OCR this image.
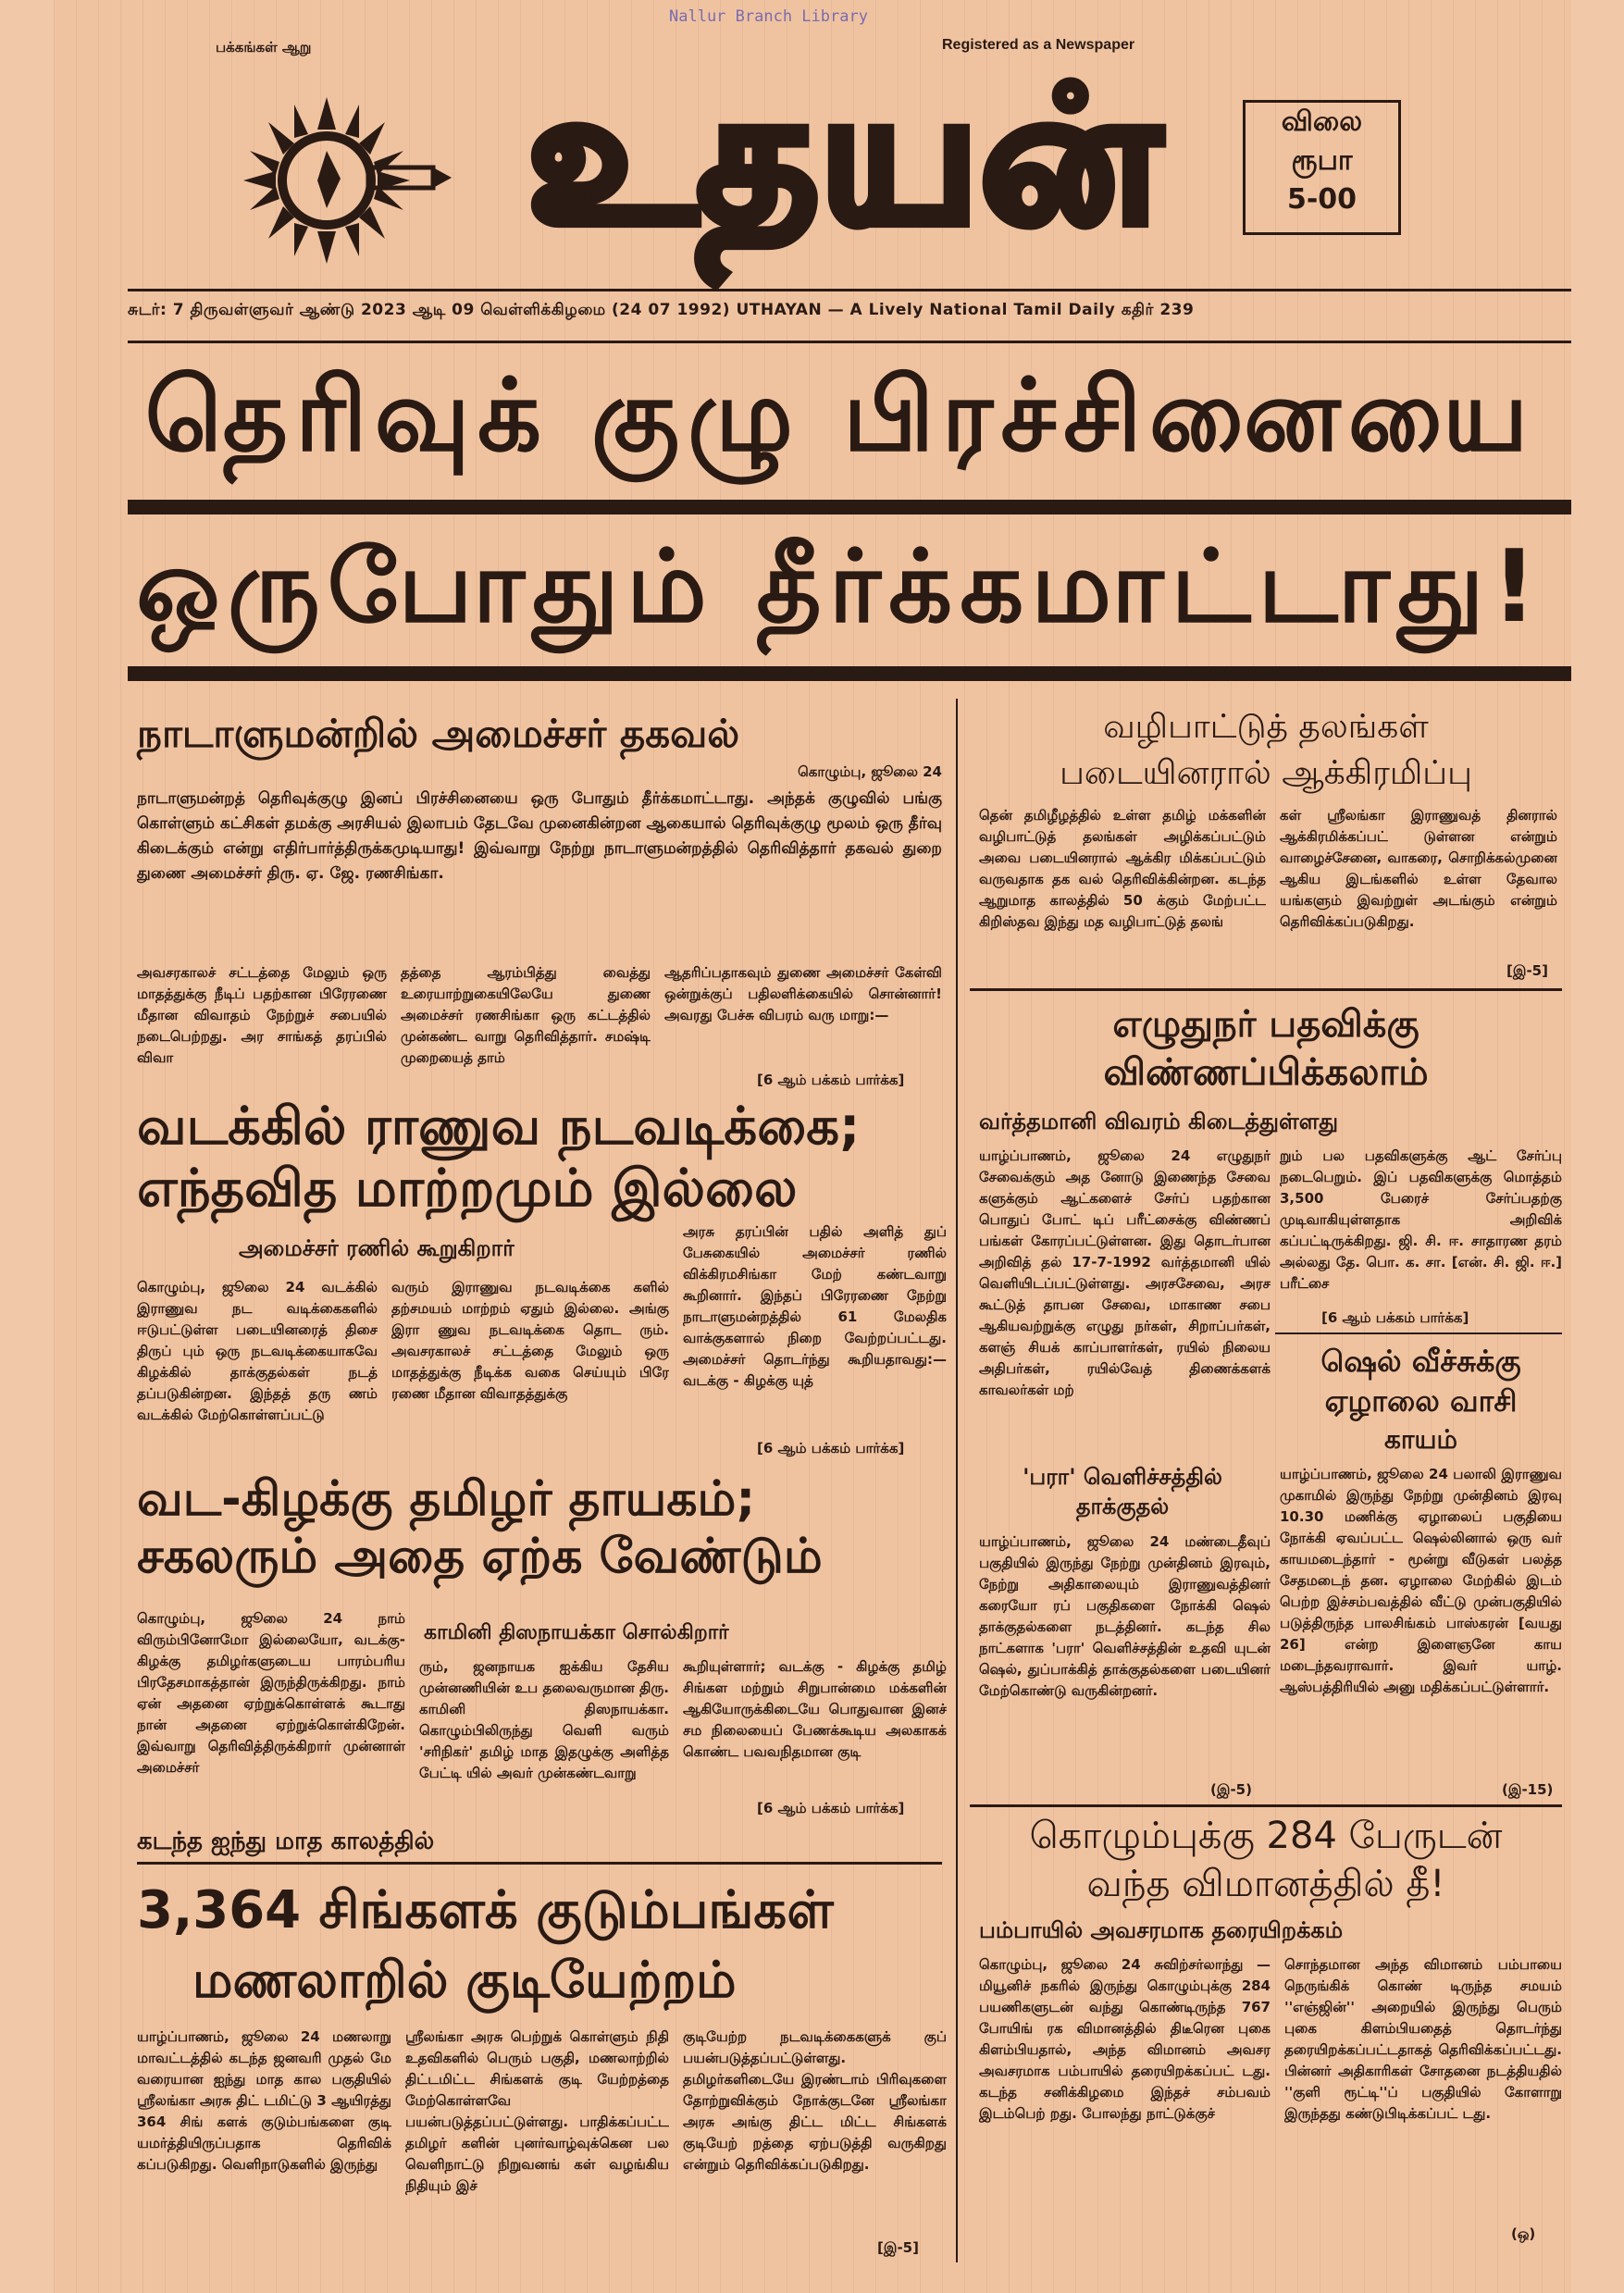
Nallur Branch Library
பக்கங்கள் ஆறு	Registered as a Newspaper
உதயன்	விலை
ரூபா
5-00
சுடர்: 7 திருவள்ளுவர் ஆண்டு 2023 ஆடி 09 வெள்ளிக்கிழமை (24 07 1992) UTHAYAN — A Lively National Tamil Daily கதிர் 239
தெரிவுக் குழு பிரச்சினையை
ஒருபோதும் தீர்க்கமாட்டாது!
நாடாளுமன்றில் அமைச்சர் தகவல்
கொழும்பு, ஜூலை 24
நாடாளுமன்றத் தெரிவுக்குழு இனப் பிரச்சினையை ஒரு போதும் தீர்க்கமாட்டாது. அந்தக் குழுவில் பங்கு கொள்ளும் கட்சிகள் தமக்கு அரசியல் இலாபம் தேடவே முனைகின்றன ஆகையால் தெரிவுக்குழு மூலம் ஒரு தீர்வு கிடைக்கும் என்று எதிர்பார்த்திருக்கமுடியாது! இவ்வாறு நேற்று நாடாளுமன்றத்தில் தெரிவித்தார் தகவல் துறை துணை அமைச்சர் திரு. ஏ. ஜே. ரணசிங்கா.
அவசரகாலச் சட்டத்தை மேலும் ஒரு மாதத்துக்கு நீடிப் பதற்கான பிரேரணை மீதான விவாதம் நேற்றுச் சபையில் நடைபெற்றது. அர சாங்கத் தரப்பில் விவா
தத்தை ஆரம்பித்து வைத்து உரையாற்றுகையிலேயே துணை அமைச்சர் ரணசிங்கா ஒரு கட்டத்தில் முன்கண்ட வாறு தெரிவித்தார். சமஷ்டி முறையைத் தாம்
ஆதரிப்பதாகவும் துணை அமைச்சர் கேள்வி ஒன்றுக்குப் பதிலளிக்கையில் சொன்னார்! அவரது பேச்சு விபரம் வரு மாறு:—
[6 ஆம் பக்கம் பார்க்க]
வடக்கில் ராணுவ நடவடிக்கை;
எந்தவித மாற்றமும் இல்லை
அமைச்சர் ரணில் கூறுகிறார்
கொழும்பு, ஜூலை 24 வடக்கில் இராணுவ நட வடிக்கைகளில் ஈடுபட்டுள்ள படையினரைத் திசை திருப் பும் ஒரு நடவடிக்கையாகவே கிழக்கில் தாக்குதல்கள் நடத் தப்படுகின்றன. இந்தத் தரு ணம் வடக்கில் மேற்கொள்ளப்பட்டு
வரும் இராணுவ நடவடிக்கை களில் தற்சமயம் மாற்றம் ஏதும் இல்லை. அங்கு இரா ணுவ நடவடிக்கை தொட ரும். அவசரகாலச் சட்டத்தை மேலும் ஒரு மாதத்துக்கு நீடிக்க வகை செய்யும் பிரே ரணை மீதான விவாதத்துக்கு
அரசு தரப்பின் பதில் அளித் துப் பேசுகையில் அமைச்சர் ரணில் விக்கிரமசிங்கா மேற் கண்டவாறு கூறினார். இந்தப் பிரேரணை நேற்று நாடாளுமன்றத்தில் 61 மேலதிக வாக்குகளால் நிறை வேற்றப்பட்டது. அமைச்சர் தொடர்ந்து கூறியதாவது:— வடக்கு - கிழக்கு யுத்
[6 ஆம் பக்கம் பார்க்க]
வட-கிழக்கு தமிழர் தாயகம்;
சகலரும் அதை ஏற்க வேண்டும்
காமினி திஸநாயக்கா சொல்கிறார்
கொழும்பு, ஜூலை 24 நாம் விரும்பினோமோ இல்லையோ, வடக்கு-கிழக்கு தமிழர்களுடைய பாரம்பரிய பிரதேசமாகத்தான் இருந்திருக்கிறது. நாம் ஏன் அதனை ஏற்றுக்கொள்ளக் கூடாது நான் அதனை ஏற்றுக்கொள்கிறேன். இவ்வாறு தெரிவித்திருக்கிறார் முன்னாள் அமைச்சர்
ரும், ஜனநாயக ஐக்கிய தேசிய முன்னணியின் உப தலைவருமான திரு. காமினி திஸநாயக்கா. கொழும்பிலிருந்து வெளி வரும் 'சரிநிகர்' தமிழ் மாத இதழுக்கு அளித்த பேட்டி யில் அவர் முன்கண்டவாறு
கூறியுள்ளார்; வடக்கு - கிழக்கு தமிழ் சிங்கள மற்றும் சிறுபான்மை மக்களின் ஆகியோருக்கிடையே பொதுவான இனச் சம நிலையைப் பேணக்கூடிய அலகாகக் கொண்ட பவவநிதமான குடி
[6 ஆம் பக்கம் பார்க்க]
கடந்த ஐந்து மாத காலத்தில்
3,364 சிங்களக் குடும்பங்கள்
மணலாறில் குடியேற்றம்
யாழ்ப்பாணம், ஜூலை 24 மணலாறு மாவட்டத்தில் கடந்த ஜனவரி முதல் மே வரையான ஐந்து மாத கால பகுதியில் ஸ்ரீலங்கா அரசு திட் டமிட்டு 3 ஆயிரத்து 364 சிங் களக் குடும்பங்களை குடி யமர்த்தியிருப்பதாக தெரிவிக் கப்படுகிறது. வெளிநாடுகளில் இருந்து
ஸ்ரீலங்கா அரசு பெற்றுக் கொள்ளும் நிதி உதவிகளில் பெரும் பகுதி, மணலாற்றில் திட்டமிட்ட சிங்களக் குடி யேற்றத்தை மேற்கொள்ளவே பயன்படுத்தப்பட்டுள்ளது. பாதிக்கப்பட்ட தமிழர் களின் புனர்வாழ்வுக்கென பல வெளிநாட்டு நிறுவனங் கள் வழங்கிய நிதியும் இச்
குடியேற்ற நடவடிக்கைகளுக் குப் பயன்படுத்தப்பட்டுள்ளது. தமிழர்களிடையே இரண்டாம் பிரிவுகளை தோற்றுவிக்கும் நோக்குடனே ஸ்ரீலங்கா அரசு அங்கு திட்ட மிட்ட சிங்களக் குடியேற் றத்தை ஏற்படுத்தி வருகிறது என்றும் தெரிவிக்கப்படுகிறது.
[இ-5]
வழிபாட்டுத் தலங்கள்
படையினரால் ஆக்கிரமிப்பு
தென் தமிழீழத்தில் உள்ள தமிழ் மக்களின் வழிபாட்டுத் தலங்கள் அழிக்கப்பட்டும் அவை படையினரால் ஆக்கிர மிக்கப்பட்டும் வருவதாக தக வல் தெரிவிக்கின்றன. கடந்த ஆறுமாத காலத்தில் 50 க்கும் மேற்பட்ட கிறிஸ்தவ இந்து மத வழிபாட்டுத் தலங்
கள் ஸ்ரீலங்கா இராணுவத் தினரால் ஆக்கிரமிக்கப்பட் டுள்ளன என்றும் வாழைச்சேனை, வாகரை, சொறிக்கல்முனை ஆகிய இடங்களில் உள்ள தேவால யங்களும் இவற்றுள் அடங்கும் என்றும் தெரிவிக்கப்படுகிறது.
[இ-5]
எழுதுநர் பதவிக்கு
விண்ணப்பிக்கலாம்
வர்த்தமானி விவரம் கிடைத்துள்ளது
யாழ்ப்பாணம், ஜூலை 24 எழுதுநர் சேவைக்கும் அத னோடு இணைந்த சேவை களுக்கும் ஆட்களைச் சேர்ப் பதற்கான பொதுப் போட் டிப் பரீட்சைக்கு விண்ணப் பங்கள் கோரப்பட்டுள்ளன. இது தொடர்பான அறிவித் தல் 17-7-1992 வர்த்தமானி யில் வெளியிடப்பட்டுள்ளது. அரசசேவை, அரச கூட்டுத் தாபன சேவை, மாகாண சபை ஆகியவற்றுக்கு எழுது நர்கள், சிறாப்பர்கள், களஞ் சியக் காப்பாளர்கள், ரயில் நிலைய அதிபர்கள், ரயில்வேத் திணைக்களக் காவலர்கள் மற்
றும் பல பதவிகளுக்கு ஆட் சேர்ப்பு நடைபெறும். இப் பதவிகளுக்கு மொத்தம் 3,500 பேரைச் சேர்ப்பதற்கு முடிவாகியுள்ளதாக அறிவிக் கப்பட்டிருக்கிறது. ஜி. சி. ஈ. சாதாரண தரம் அல்லது தே. பொ. க. சா. [என். சி. ஜி. ஈ.] பரீட்சை
[6 ஆம் பக்கம் பார்க்க]
'பரா' வெளிச்சத்தில்
தாக்குதல்
யாழ்ப்பாணம், ஜூலை 24 மண்டைதீவுப் பகுதியில் இருந்து நேற்று முன்தினம் இரவும், நேற்று அதிகாலையும் இராணுவத்தினர் கரையோ ரப் பகுதிகளை நோக்கி ஷெல் தாக்குதல்களை நடத்தினர். கடந்த சில நாட்களாக 'பரா' வெளிச்சத்தின் உதவி யுடன் ஷெல், துப்பாக்கித் தாக்குதல்களை படையினர் மேற்கொண்டு வருகின்றனர்.
(இ-5)
ஷெல் வீச்சுக்கு
ஏழாலை வாசி
காயம்
யாழ்ப்பாணம், ஜூலை 24 பலாலி இராணுவ முகாமில் இருந்து நேற்று முன்தினம் இரவு 10.30 மணிக்கு ஏழாலைப் பகுதியை நோக்கி ஏவப்பட்ட ஷெல்லினால் ஒரு வர் காயமடைந்தார் - மூன்று வீடுகள் பலத்த சேதமடைந் தன. ஏழாலை மேற்கில் இடம் பெற்ற இச்சம்பவத்தில் வீட்டு முன்பகுதியில் படுத்திருந்த பாலசிங்கம் பாஸ்கரன் [வயது 26] என்ற இளைஞனே காய மடைந்தவராவார். இவர் யாழ். ஆஸ்பத்திரியில் அனு மதிக்கப்பட்டுள்ளார்.
(இ-15)
கொழும்புக்கு 284 பேருடன்
வந்த விமானத்தில் தீ!
பம்பாயில் அவசரமாக தரையிறக்கம்
கொழும்பு, ஜூலை 24 சுவிற்சர்லாந்து — மியூனிச் நகரில் இருந்து கொழும்புக்கு 284 பயணிகளுடன் வந்து கொண்டிருந்த 767 போயிங் ரக விமானத்தில் திடீரென புகை கிளம்பியதால், அந்த விமானம் அவசர அவசரமாக பம்பாயில் தரையிறக்கப்பட் டது. கடந்த சனிக்கிழமை இந்தச் சம்பவம் இடம்பெற் றது. போலந்து நாட்டுக்குச்
சொந்தமான அந்த விமானம் பம்பாயை நெருங்கிக் கொண் டிருந்த சமயம் ''எஞ்ஜின்'' அறையில் இருந்து பெரும் புகை கிளம்பியதைத் தொடர்ந்து தரையிறக்கப்பட்டதாகத் தெரிவிக்கப்பட்டது. பின்னர் அதிகாரிகள் சோதனை நடத்தியதில் ''குளி ரூட்டி''ப் பகுதியில் கோளாறு இருந்தது கண்டுபிடிக்கப்பட் டது.
(ஒ)
